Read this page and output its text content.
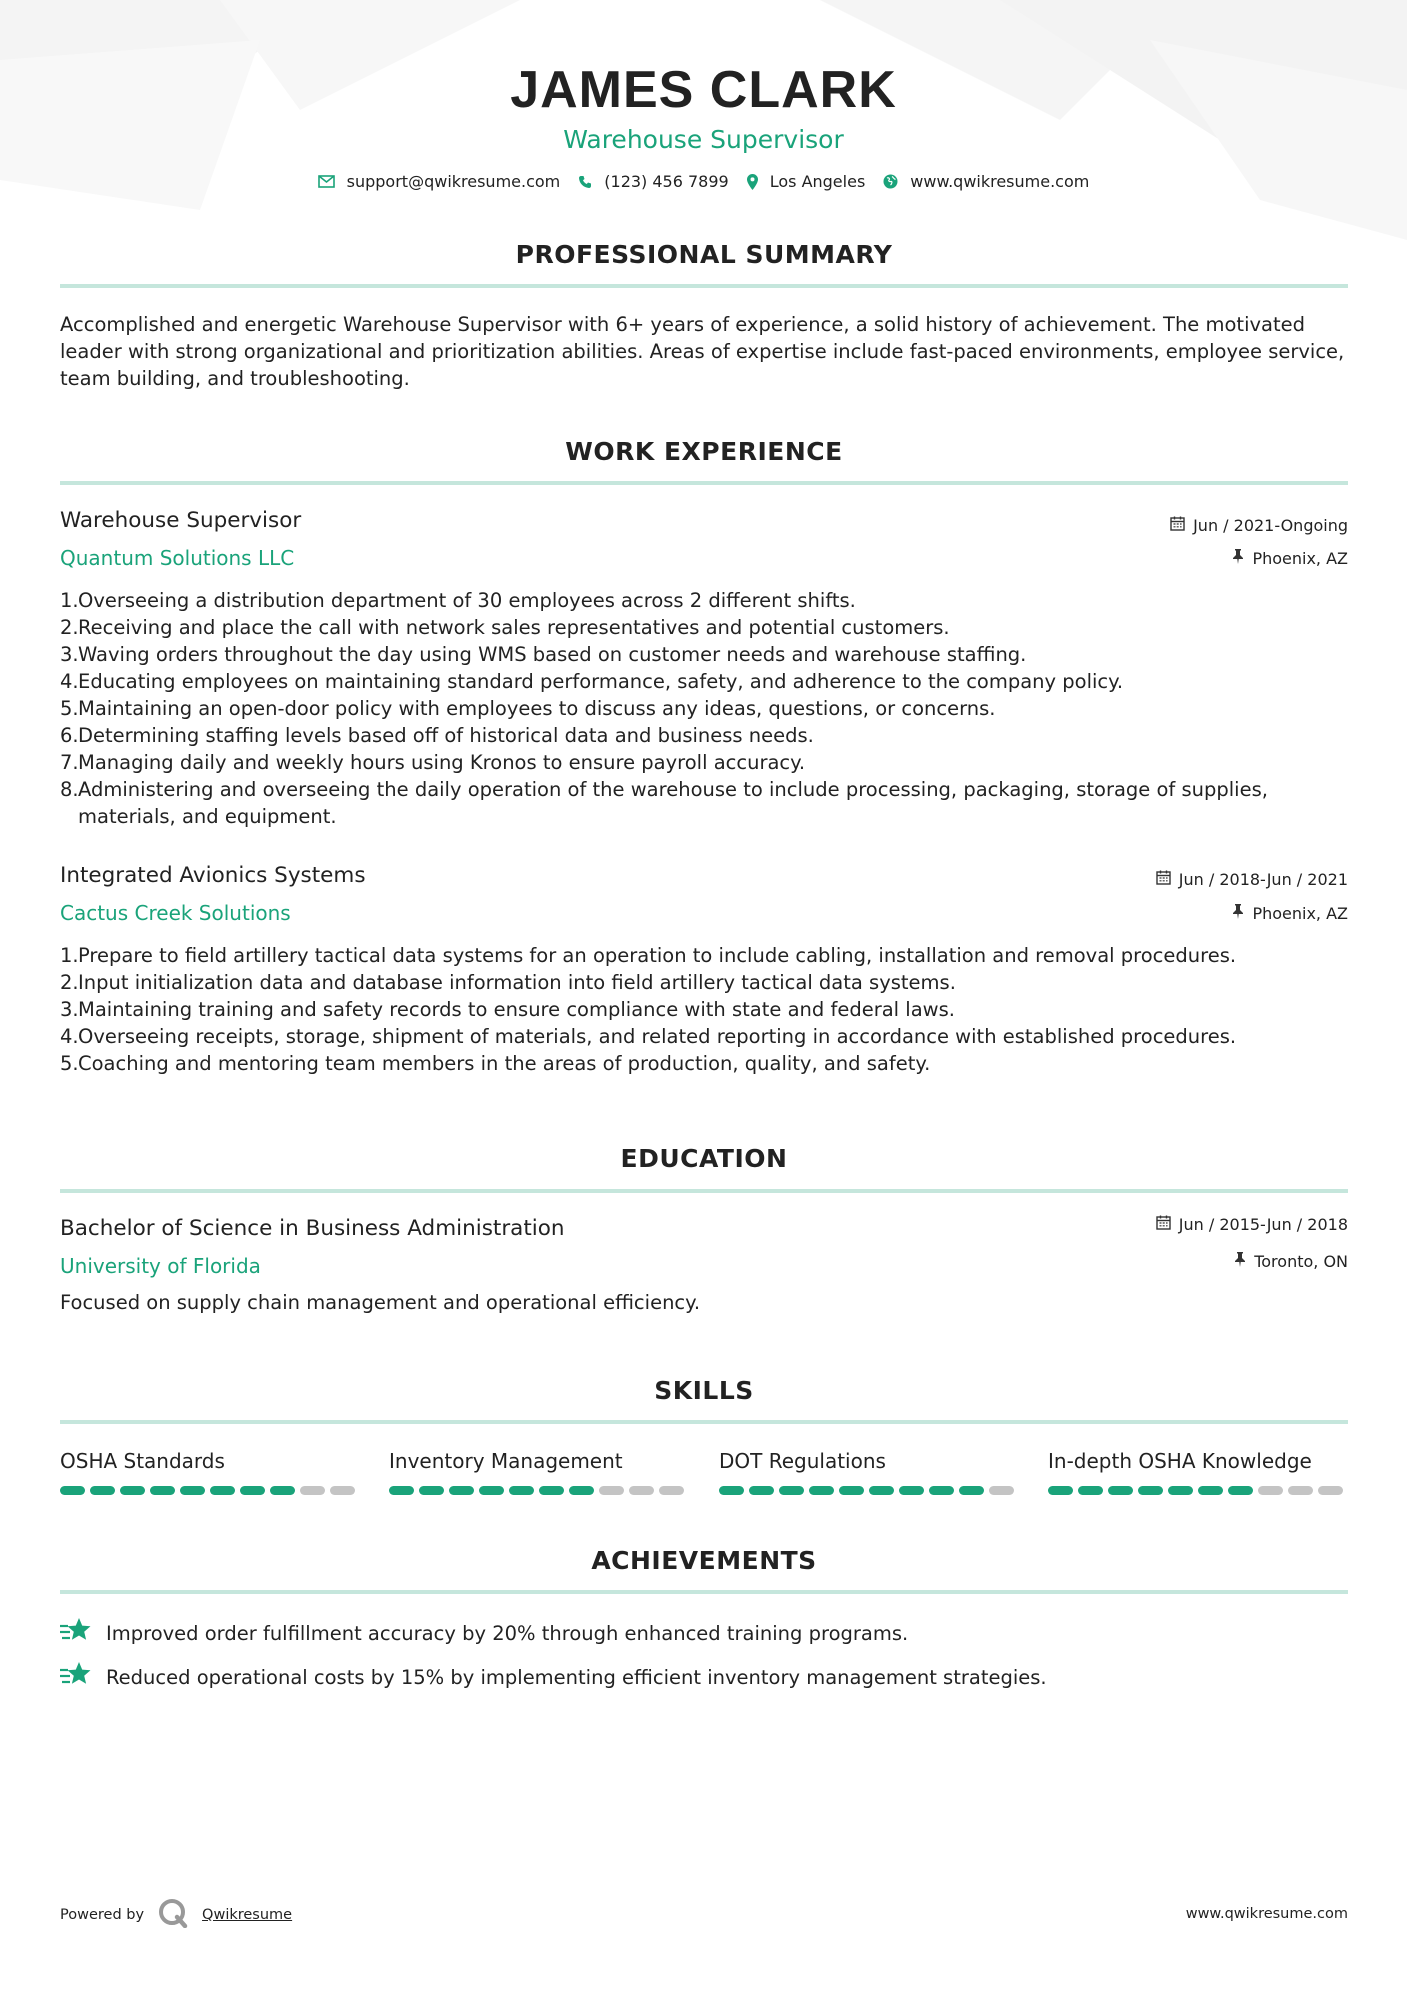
JAMES CLARK
Warehouse Supervisor
support@qwikresume.com	(123) 456 7899	Los Angeles	www.qwikresume.com
PROFESSIONAL SUMMARY
Accomplished and energetic Warehouse Supervisor with 6+ years of experience, a solid history of achievement. The motivated leader with strong organizational and prioritization abilities. Areas of expertise include fast-paced environments, employee service, team building, and troubleshooting.
WORK EXPERIENCE
Warehouse Supervisor	Jun / 2021-Ongoing
Quantum Solutions LLC	Phoenix, AZ
1. Overseeing a distribution department of 30 employees across 2 different shifts.
2. Receiving and place the call with network sales representatives and potential customers.
3. Waving orders throughout the day using WMS based on customer needs and warehouse staffing.
4. Educating employees on maintaining standard performance, safety, and adherence to the company policy.
5. Maintaining an open-door policy with employees to discuss any ideas, questions, or concerns.
6. Determining staffing levels based off of historical data and business needs.
7. Managing daily and weekly hours using Kronos to ensure payroll accuracy.
8. Administering and overseeing the daily operation of the warehouse to include processing, packaging, storage of supplies, materials, and equipment.
Integrated Avionics Systems	Jun / 2018-Jun / 2021
Cactus Creek Solutions	Phoenix, AZ
1. Prepare to field artillery tactical data systems for an operation to include cabling, installation and removal procedures.
2. Input initialization data and database information into field artillery tactical data systems.
3. Maintaining training and safety records to ensure compliance with state and federal laws.
4. Overseeing receipts, storage, shipment of materials, and related reporting in accordance with established procedures.
5. Coaching and mentoring team members in the areas of production, quality, and safety.
EDUCATION
Bachelor of Science in Business Administration	Jun / 2015-Jun / 2018
University of Florida	Toronto, ON
Focused on supply chain management and operational efficiency.
SKILLS
OSHA Standards	Inventory Management	DOT Regulations	In-depth OSHA Knowledge
ACHIEVEMENTS
Improved order fulfillment accuracy by 20% through enhanced training programs.
Reduced operational costs by 15% by implementing efficient inventory management strategies.
Powered by	Qwikresume	www.qwikresume.com
